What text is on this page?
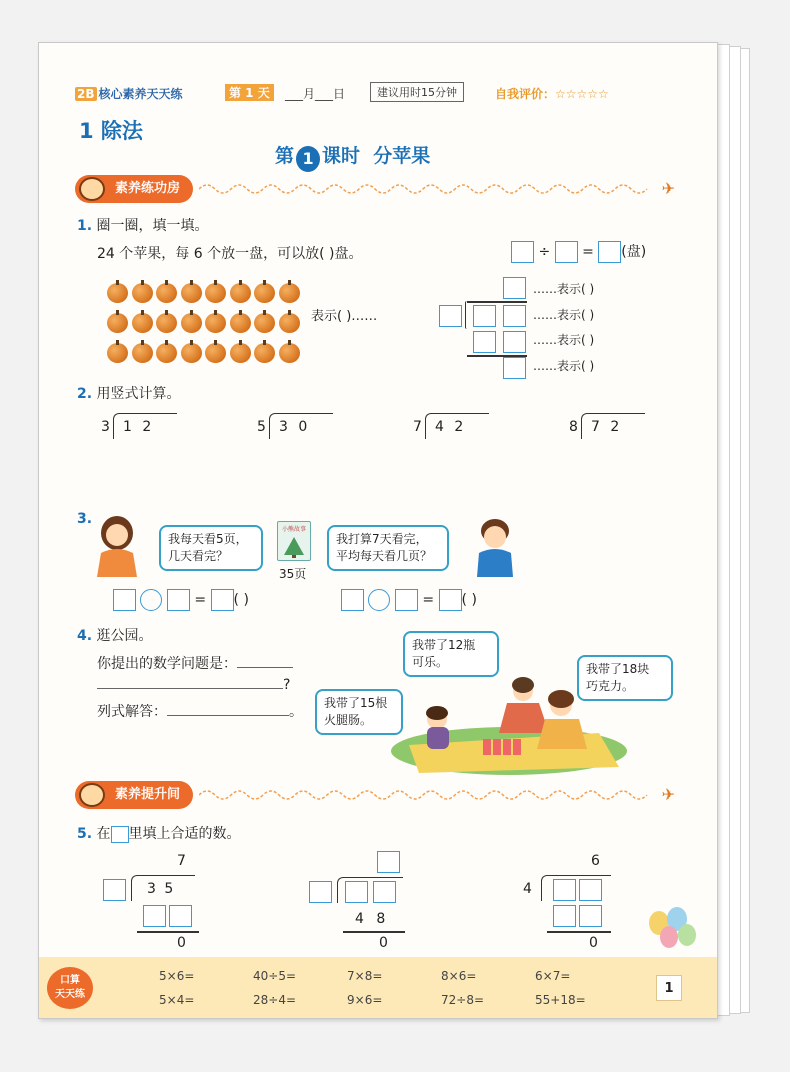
2B 核心素养天天练	第 1 天	___月___日	建议用时15分钟	自我评价：☆☆☆☆☆
1 除法
第 1 课时 分苹果
素养练功房	✈
1. 圈一圈，填一填。
24 个苹果，每 6 个放一盘，可以放( )盘。	÷ = (盘)
表示( )……
……表示( )
……表示( )
……表示( )
……表示( )
2. 用竖式计算。
3 1 2	5 3 0	7 4 2	8 7 2
3.
我每天看5页，
几天看完？
小熊故事
35页
我打算7天看完，
平均每天看几页？
= ( )	= ( )
4. 逛公园。
你提出的数学问题是：
?
列式解答：	。
我带了12瓶
可乐。	我带了18块
巧克力。
我带了15根
火腿肠。
素养提升间	✈
5. 在 里填上合适的数。
7
3 5
0
4 8
0
6
4
0
口算
天天练
5×6=	40÷5=	7×8=	8×6=	6×7=
5×4=	28÷4=	9×6=	72÷8=	55+18=
1
